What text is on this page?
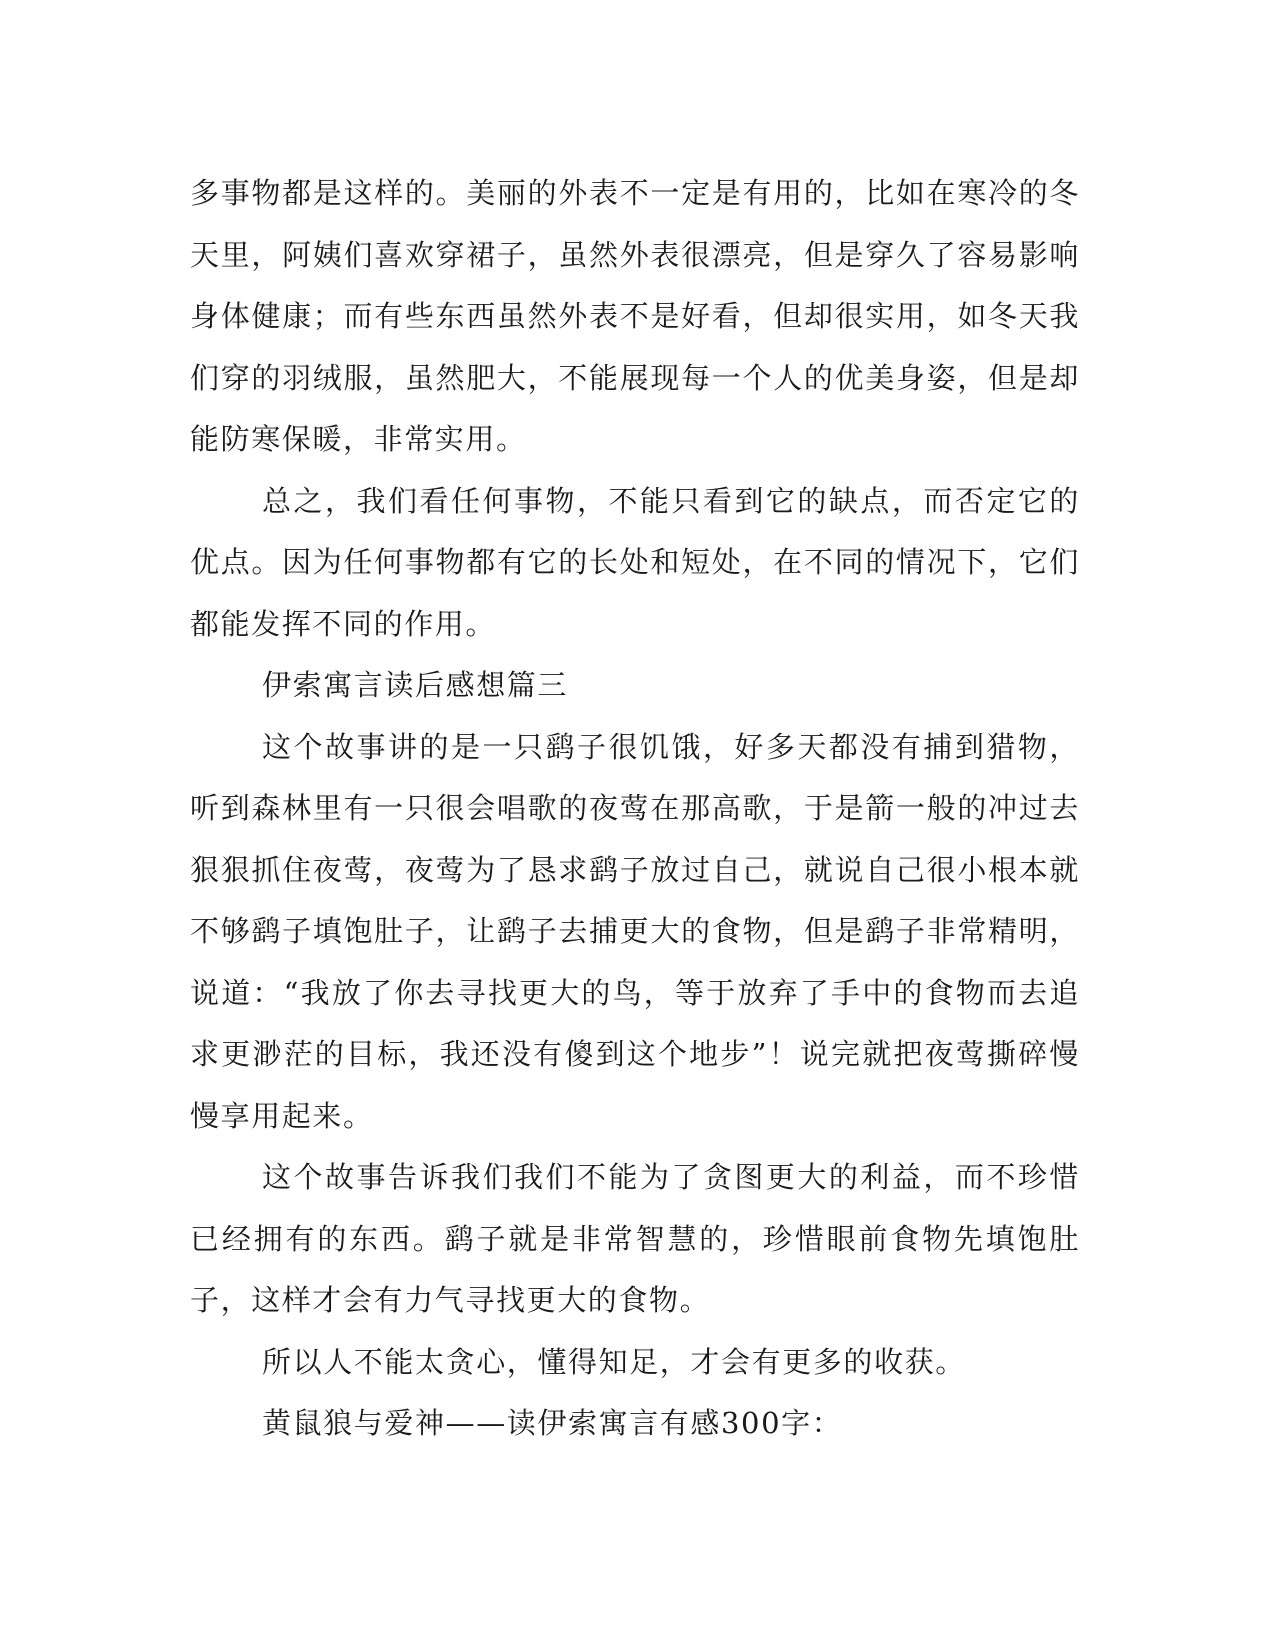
多事物都是这样的。美丽的外表不一定是有用的，比如在寒冷的冬天里，阿姨们喜欢穿裙子，虽然外表很漂亮，但是穿久了容易影响身体健康；而有些东西虽然外表不是好看，但却很实用，如冬天我们穿的羽绒服，虽然肥大，不能展现每一个人的优美身姿，但是却能防寒保暖，非常实用。

总之，我们看任何事物，不能只看到它的缺点，而否定它的优点。因为任何事物都有它的长处和短处，在不同的情况下，它们都能发挥不同的作用。

伊索寓言读后感想篇三

这个故事讲的是一只鹞子很饥饿，好多天都没有捕到猎物，听到森林里有一只很会唱歌的夜莺在那高歌，于是箭一般的冲过去狠狠抓住夜莺，夜莺为了恳求鹞子放过自己，就说自己很小根本就不够鹞子填饱肚子，让鹞子去捕更大的食物，但是鹞子非常精明，说道：“我放了你去寻找更大的鸟，等于放弃了手中的食物而去追求更渺茫的目标，我还没有傻到这个地步”！说完就把夜莺撕碎慢慢享用起来。

这个故事告诉我们我们不能为了贪图更大的利益，而不珍惜已经拥有的东西。鹞子就是非常智慧的，珍惜眼前食物先填饱肚子，这样才会有力气寻找更大的食物。

所以人不能太贪心，懂得知足，才会有更多的收获。

黄鼠狼与爱神——读伊索寓言有感300字：
